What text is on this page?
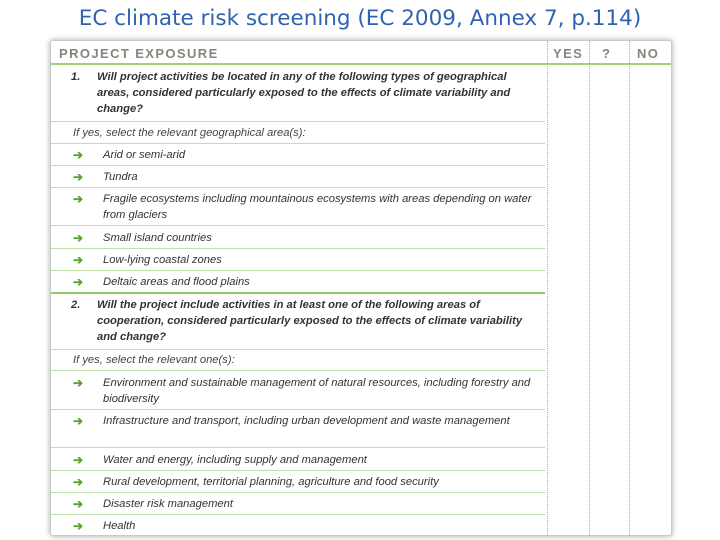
EC climate risk screening (EC 2009, Annex 7, p.114)
PROJECT EXPOSURE	YES ? NO
1. Will project activities be located in any of the following types of geographical areas, considered particularly exposed to the effects of climate variability and change?
If yes, select the relevant geographical area(s):
➔ Arid or semi-arid
➔ Tundra
➔ Fragile ecosystems including mountainous ecosystems with areas depending on water from glaciers
➔ Small island countries
➔ Low-lying coastal zones
➔ Deltaic areas and flood plains
2. Will the project include activities in at least one of the following areas of cooperation, considered particularly exposed to the effects of climate variability and change?
If yes, select the relevant one(s):
➔ Environment and sustainable management of natural resources, including forestry and biodiversity
➔ Infrastructure and transport, including urban development and waste management
➔ Water and energy, including supply and management
➔ Rural development, territorial planning, agriculture and food security
➔ Disaster risk management
➔ Health
